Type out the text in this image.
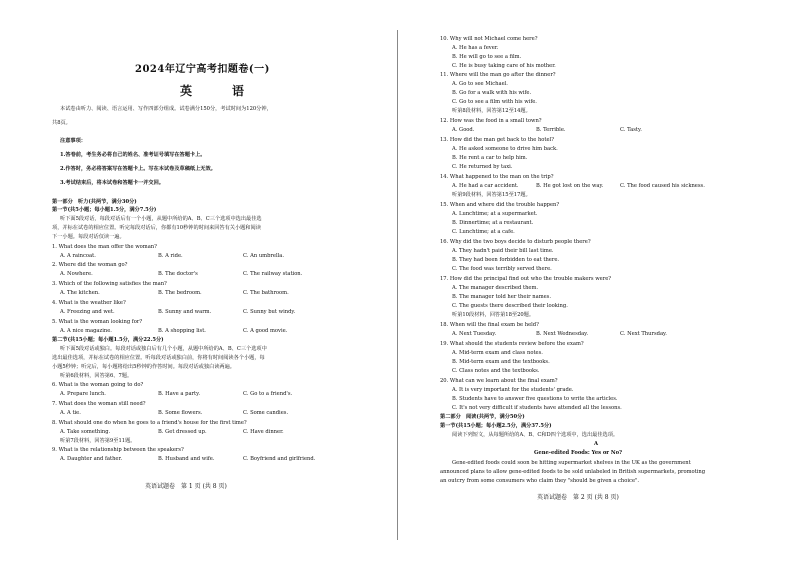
2024年辽宁高考扣题卷(一)
英　语
本试卷由听力、阅读、语言运用、写作四部分组成。试卷满分150分，考试时间为120分钟，
共8页。
注意事项：
1.答卷前，考生务必将自己的姓名、准考证号填写在答题卡上。
2.作答时，务必将答案写在答题卡上。写在本试卷及草稿纸上无效。
3.考试结束后，将本试卷和答题卡一并交回。
第一部分　听力(共两节，满分30分)
第一节(共5小题；每小题1.5分，满分7.5分)
听下面5段对话，每段对话后有一个小题，从题中所给的A、B、C三个选项中选出最佳选
项，并标在试卷的相应位置。听完每段对话后，你都有10秒钟的时间来回答有关小题和阅读
下一小题。每段对话仅读一遍。
1. What does the man offer the woman?
A. A raincoat.	B. A ride.	C. An umbrella.
2. Where did the woman go?
A. Nowhere.	B. The doctor's	C. The railway station.
3. Which of the following satisfies the man?
A. The kitchen.	B. The bedroom.	C. The bathroom.
4. What is the weather like?
A. Freezing and wet.	B. Sunny and warm.	C. Sunny but windy.
5. What is the woman looking for?
A. A nice magazine.	B. A shopping list.	C. A good movie.
第二节(共15小题；每小题1.5分，满分22.5分)
听下面5段对话或独白。每段对话或独白后有几个小题，从题中所给的A、B、C三个选项中
选出最佳选项，并标在试卷的相应位置。听每段对话或独白前，你将有时间阅读各个小题，每
小题5秒钟；听完后，每小题将给出5秒钟的作答时间。每段对话或独白读两遍。
听第6段材料，回答第6、7题。
6. What is the woman going to do?
A. Prepare lunch.	B. Have a party.	C. Go to a friend's.
7. What does the woman still need?
A. A tie.	B. Some flowers.	C. Some candies.
8. What should one do when he goes to a friend's house for the first time?
A. Take something.	B. Get dressed up.	C. Have dinner.
听第7段材料，回答第9至11题。
9. What is the relationship between the speakers?
A. Daughter and father.	B. Husband and wife.	C. Boyfriend and girlfriend.
英语试题卷　第 1 页 (共 8 页)
10. Why will not Michael come here?
A. He has a fever.
B. He will go to see a film.
C. He is busy taking care of his mother.
11. Where will the man go after the dinner?
A. Go to see Michael.
B. Go for a walk with his wife.
C. Go to see a film with his wife.
听第8段材料，回答第12至14题。
12. How was the food in a small town?
A. Good.	B. Terrible.	C. Tasty.
13. How did the man get back to the hotel?
A. He asked someone to drive him back.
B. He rent a car to help him.
C. He returned by taxi.
14. What happened to the man on the trip?
A. He had a car accident.	B. He got lost on the way.	C. The food caused his sickness.
听第9段材料，回答第15至17题。
15. When and where did the trouble happen?
A. Lunchtime; at a supermarket.
B. Dinnertime; at a restaurant.
C. Lunchtime; at a cafe.
16. Why did the two boys decide to disturb people there?
A. They hadn't paid their bill last time.
B. They had been forbidden to eat there.
C. The food was terribly served there.
17. How did the principal find out who the trouble makers were?
A. The manager described them.
B. The manager told her their names.
C. The guests there described their looking.
听第10段材料，回答第18至20题。
18. When will the final exam be held?
A. Next Tuesday.	B. Next Wednesday.	C. Next Thursday.
19. What should the students review before the exam?
A. Mid-term exam and class notes.
B. Mid-term exam and the textbooks.
C. Class notes and the textbooks.
20. What can we learn about the final exam?
A. It is very important for the students' grade.
B. Students have to answer five questions to write the articles.
C. It's not very difficult if students have attended all the lessons.
第二部分　阅读(共两节，满分50分)
第一节(共15小题；每小题2.5分，满分37.5分)
阅读下列短文，从每题所给的A、B、C和D四个选项中，选出最佳选项。
A
Gene-edited Foods: Yes or No?
Gene-edited foods could soon be hitting supermarket shelves in the UK as the government
announced plans to allow gene-edited foods to be sold unlabeled in British supermarkets, promoting
an outcry from some consumers who claim they "should be given a choice".
英语试题卷　第 2 页 (共 8 页)
